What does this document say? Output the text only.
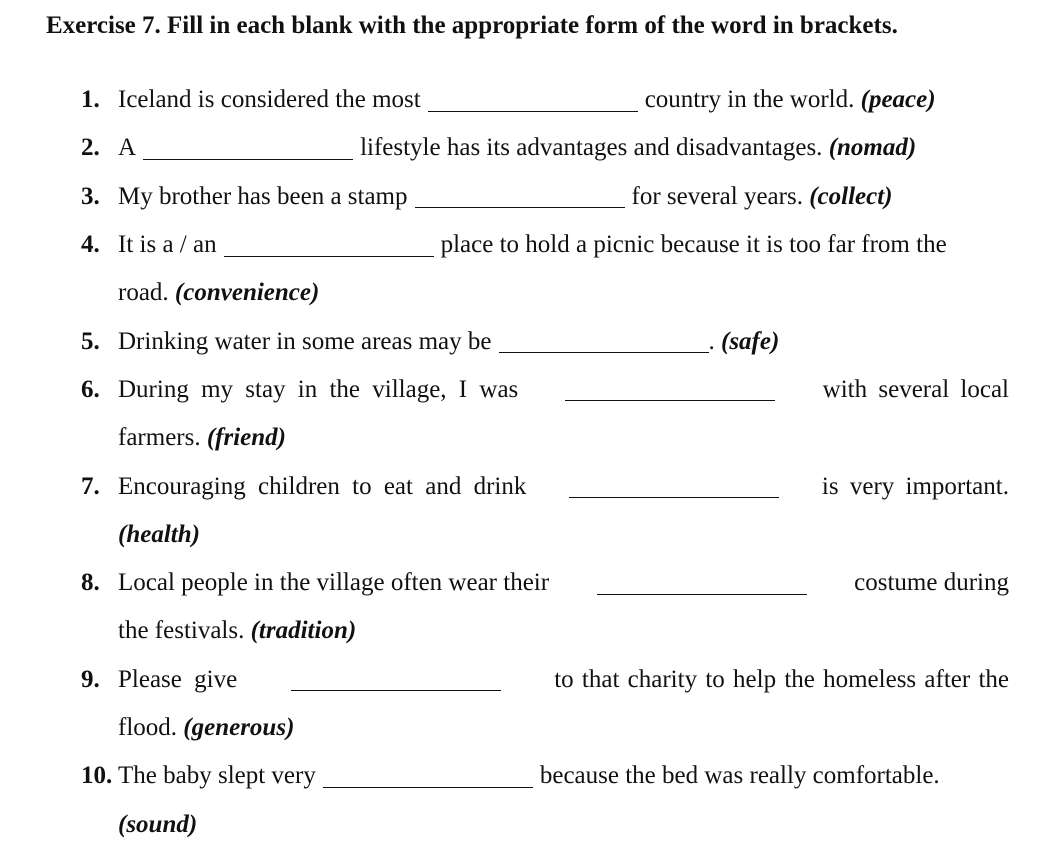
Exercise 7. Fill in each blank with the appropriate form of the word in brackets.
1. Iceland is considered the most	country in the world.
(peace)
2. A	lifestyle has its advantages and disadvantages.
(nomad)
3. My brother has been a stamp	for several years.
(collect)
4. It is a / an	place to hold a picnic because it is too far from the
road.
(convenience)
5. Drinking water in some areas may be	.
(safe)
6. During my stay in the village, I was	with several local
farmers.
(friend)
7. Encouraging children to eat and drink	is very important.
(health)
8. Local people in the village often wear their	costume during
the festivals.
(tradition)
9. Please give	to that charity to help the homeless after the
flood.
(generous)
10. The baby slept very	because the bed was really comfortable.
(sound)
